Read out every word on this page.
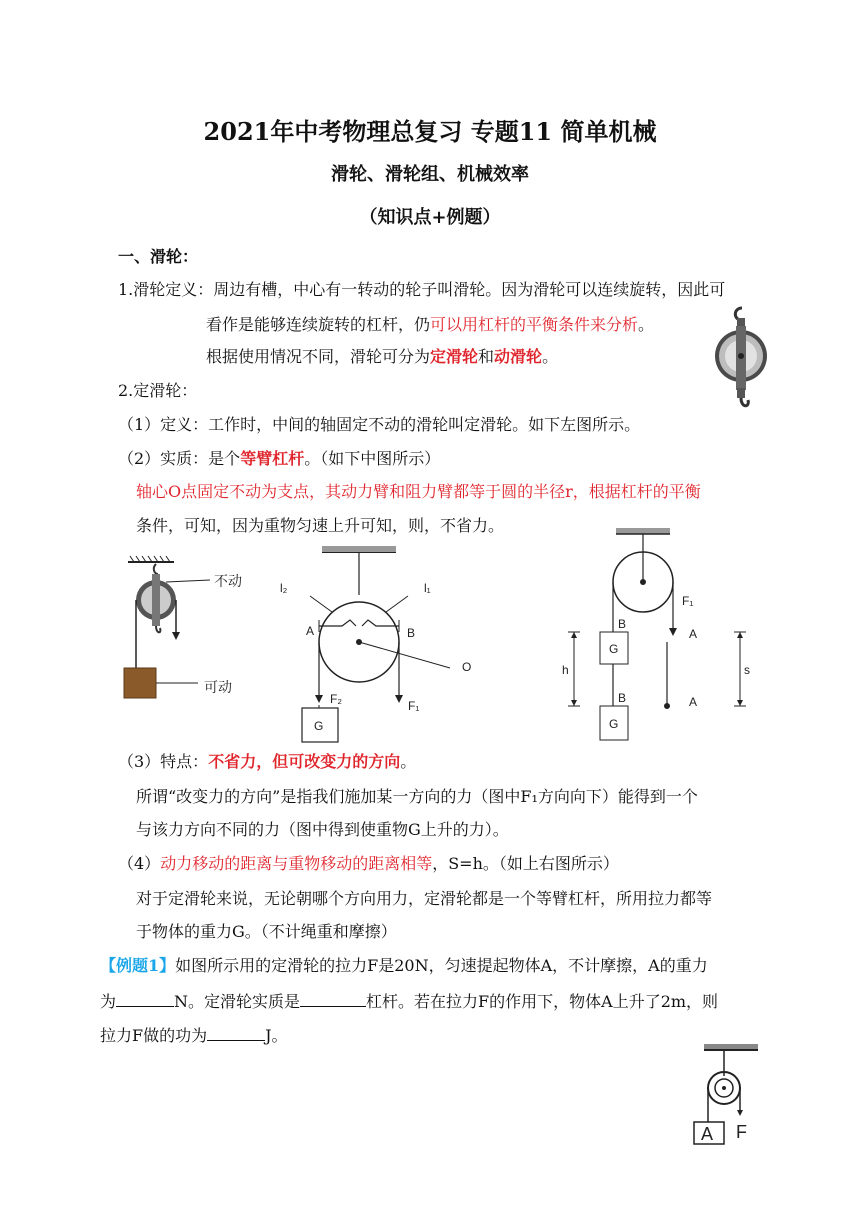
2021年中考物理总复习 专题11 简单机械
滑轮、滑轮组、机械效率
（知识点+例题）
一、滑轮：
1.滑轮定义：周边有槽，中心有一转动的轮子叫滑轮。因为滑轮可以连续旋转，因此可
看作是能够连续旋转的杠杆，仍可以用杠杆的平衡条件来分析。
根据使用情况不同，滑轮可分为定滑轮和动滑轮。
2.定滑轮：
（1）定义：工作时，中间的轴固定不动的滑轮叫定滑轮。如下左图所示。
（2）实质：是个等臂杠杆。（如下中图所示）
轴心O点固定不动为支点，其动力臂和阻力臂都等于圆的半径r，根据杠杆的平衡
条件，可知，因为重物匀速上升可知，则，不省力。
不动
可动
l₂	l₁
A	B
O
F₂	F₁
G
F₁
B
A
G
h	s
B	A
G
（3）特点：不省力，但可改变力的方向。
所谓“改变力的方向”是指我们施加某一方向的力（图中F₁方向向下）能得到一个
与该力方向不同的力（图中得到使重物G上升的力）。
（4）动力移动的距离与重物移动的距离相等，S=h。（如上右图所示）
对于定滑轮来说，无论朝哪个方向用力，定滑轮都是一个等臂杠杆，所用拉力都等
于物体的重力G。（不计绳重和摩擦）
【例题1】如图所示用的定滑轮的拉力F是20N，匀速提起物体A，不计摩擦，A的重力
为	N。定滑轮实质是	杠杆。若在拉力F的作用下，物体A上升了2m，则
拉力F做的功为	J。
A F
